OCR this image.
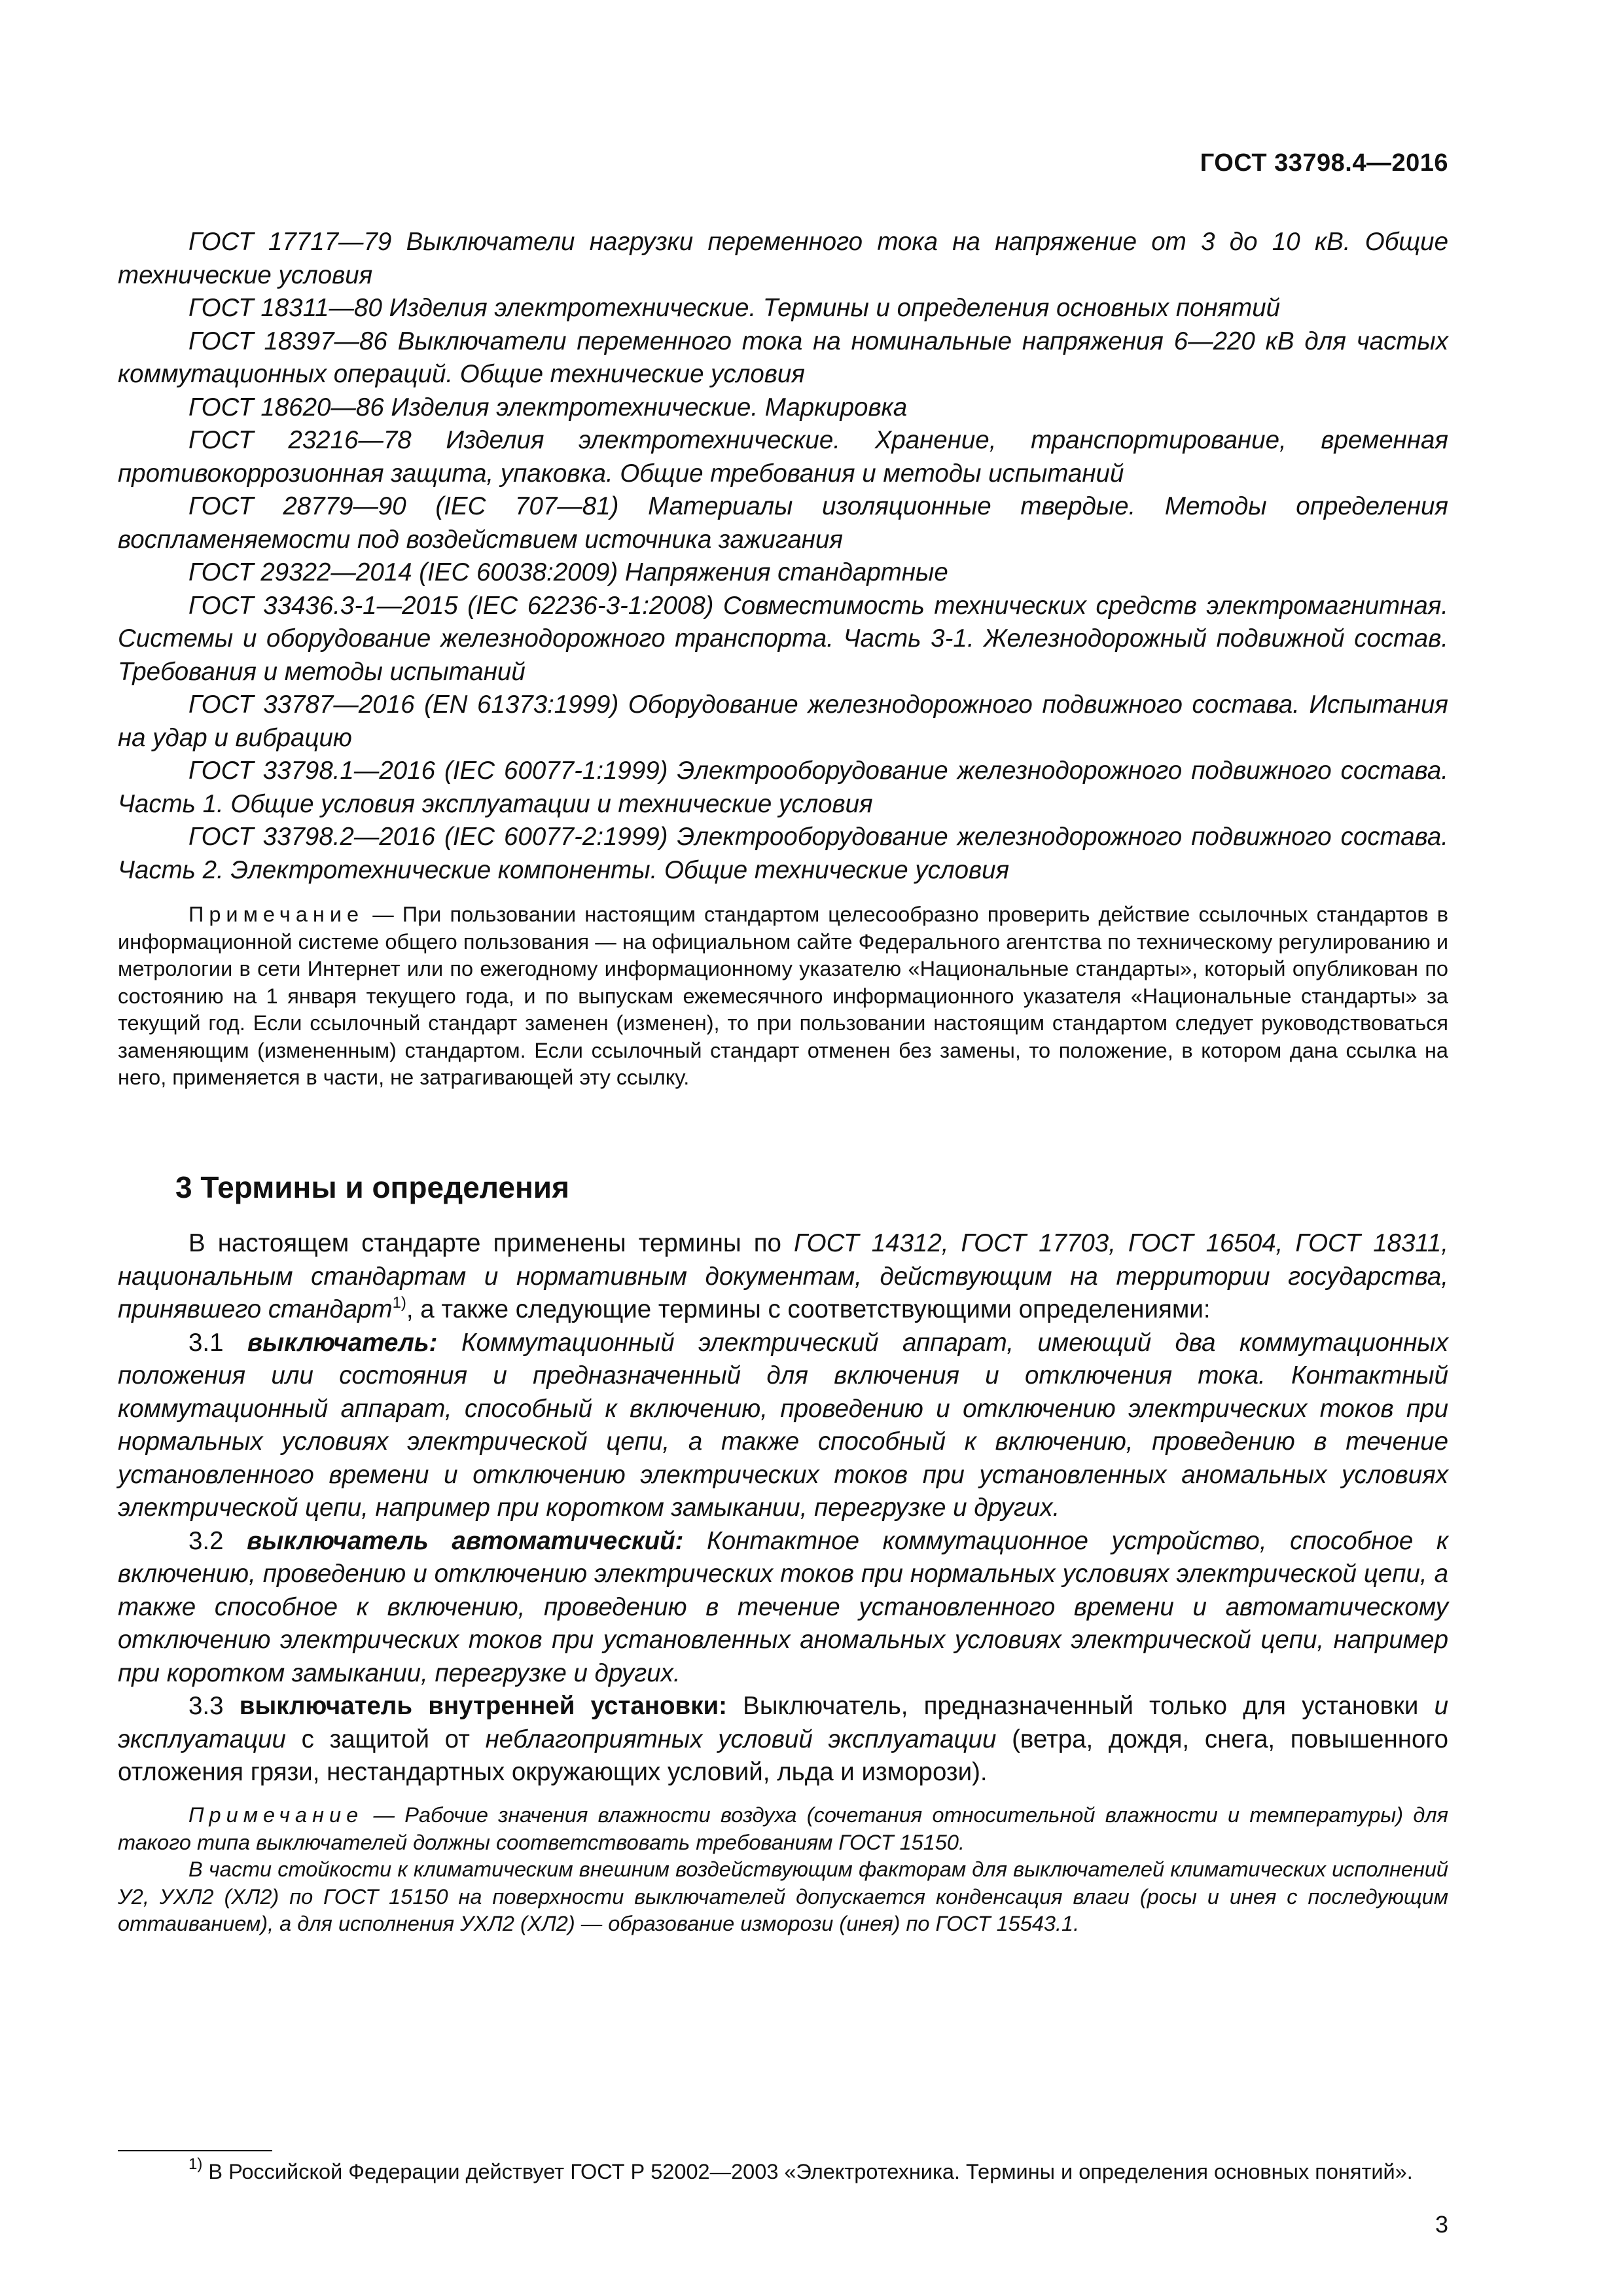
ГОСТ 33798.4—2016

ГОСТ 17717—79 Выключатели нагрузки переменного тока на напряжение от 3 до 10 кВ. Общие технические условия

ГОСТ 18311—80 Изделия электротехнические. Термины и определения основных понятий

ГОСТ 18397—86 Выключатели переменного тока на номинальные напряжения 6—220 кВ для частых коммутационных операций. Общие технические условия

ГОСТ 18620—86 Изделия электротехнические. Маркировка

ГОСТ 23216—78 Изделия электротехнические. Хранение, транспортирование, временная противокоррозионная защита, упаковка. Общие требования и методы испытаний

ГОСТ 28779—90 (IEC 707—81) Материалы изоляционные твердые. Методы определения воспламеняемости под воздействием источника зажигания

ГОСТ 29322—2014 (IEC 60038:2009) Напряжения стандартные

ГОСТ 33436.3-1—2015 (IEC 62236-3-1:2008) Совместимость технических средств электромагнитная. Системы и оборудование железнодорожного транспорта. Часть 3-1. Железнодорожный подвижной состав. Требования и методы испытаний

ГОСТ 33787—2016 (EN 61373:1999) Оборудование железнодорожного подвижного состава. Испытания на удар и вибрацию

ГОСТ 33798.1—2016 (IEC 60077-1:1999) Электрооборудование железнодорожного подвижного состава. Часть 1. Общие условия эксплуатации и технические условия

ГОСТ 33798.2—2016 (IEC 60077-2:1999) Электрооборудование железнодорожного подвижного состава. Часть 2. Электротехнические компоненты. Общие технические условия

Примечание — При пользовании настоящим стандартом целесообразно проверить действие ссылочных стандартов в информационной системе общего пользования — на официальном сайте Федерального агентства по техническому регулированию и метрологии в сети Интернет или по ежегодному информационному указателю «Национальные стандарты», который опубликован по состоянию на 1 января текущего года, и по выпускам ежемесячного информационного указателя «Национальные стандарты» за текущий год. Если ссылочный стандарт заменен (изменен), то при пользовании настоящим стандартом следует руководствоваться заменяющим (измененным) стандартом. Если ссылочный стандарт отменен без замены, то положение, в котором дана ссылка на него, применяется в части, не затрагивающей эту ссылку.

3 Термины и определения

В настоящем стандарте применены термины по ГОСТ 14312, ГОСТ 17703, ГОСТ 16504, ГОСТ 18311, национальным стандартам и нормативным документам, действующим на территории государства, принявшего стандарт$^{1)}$, а также следующие термины с соответствующими определениями:

3.1 выключатель: Коммутационный электрический аппарат, имеющий два коммутационных положения или состояния и предназначенный для включения и отключения тока. Контактный коммутационный аппарат, способный к включению, проведению и отключению электрических токов при нормальных условиях электрической цепи, а также способный к включению, проведению в течение установленного времени и отключению электрических токов при установленных аномальных условиях электрической цепи, например при коротком замыкании, перегрузке и других.

3.2 выключатель автоматический: Контактное коммутационное устройство, способное к включению, проведению и отключению электрических токов при нормальных условиях электрической цепи, а также способное к включению, проведению в течение установленного времени и автоматическому отключению электрических токов при установленных аномальных условиях электрической цепи, например при коротком замыкании, перегрузке и других.

3.3 выключатель внутренней установки: Выключатель, предназначенный только для установки и эксплуатации с защитой от неблагоприятных условий эксплуатации (ветра, дождя, снега, повышенного отложения грязи, нестандартных окружающих условий, льда и изморози).

Примечание — Рабочие значения влажности воздуха (сочетания относительной влажности и температуры) для такого типа выключателей должны соответствовать требованиям ГОСТ 15150.

В части стойкости к климатическим внешним воздействующим факторам для выключателей климатических исполнений У2, УХЛ2 (ХЛ2) по ГОСТ 15150 на поверхности выключателей допускается конденсация влаги (росы и инея с последующим оттаиванием), а для исполнения УХЛ2 (ХЛ2) — образование изморози (инея) по ГОСТ 15543.1.

$^{1)}$ В Российской Федерации действует ГОСТ Р 52002—2003 «Электротехника. Термины и определения основных понятий».

3
